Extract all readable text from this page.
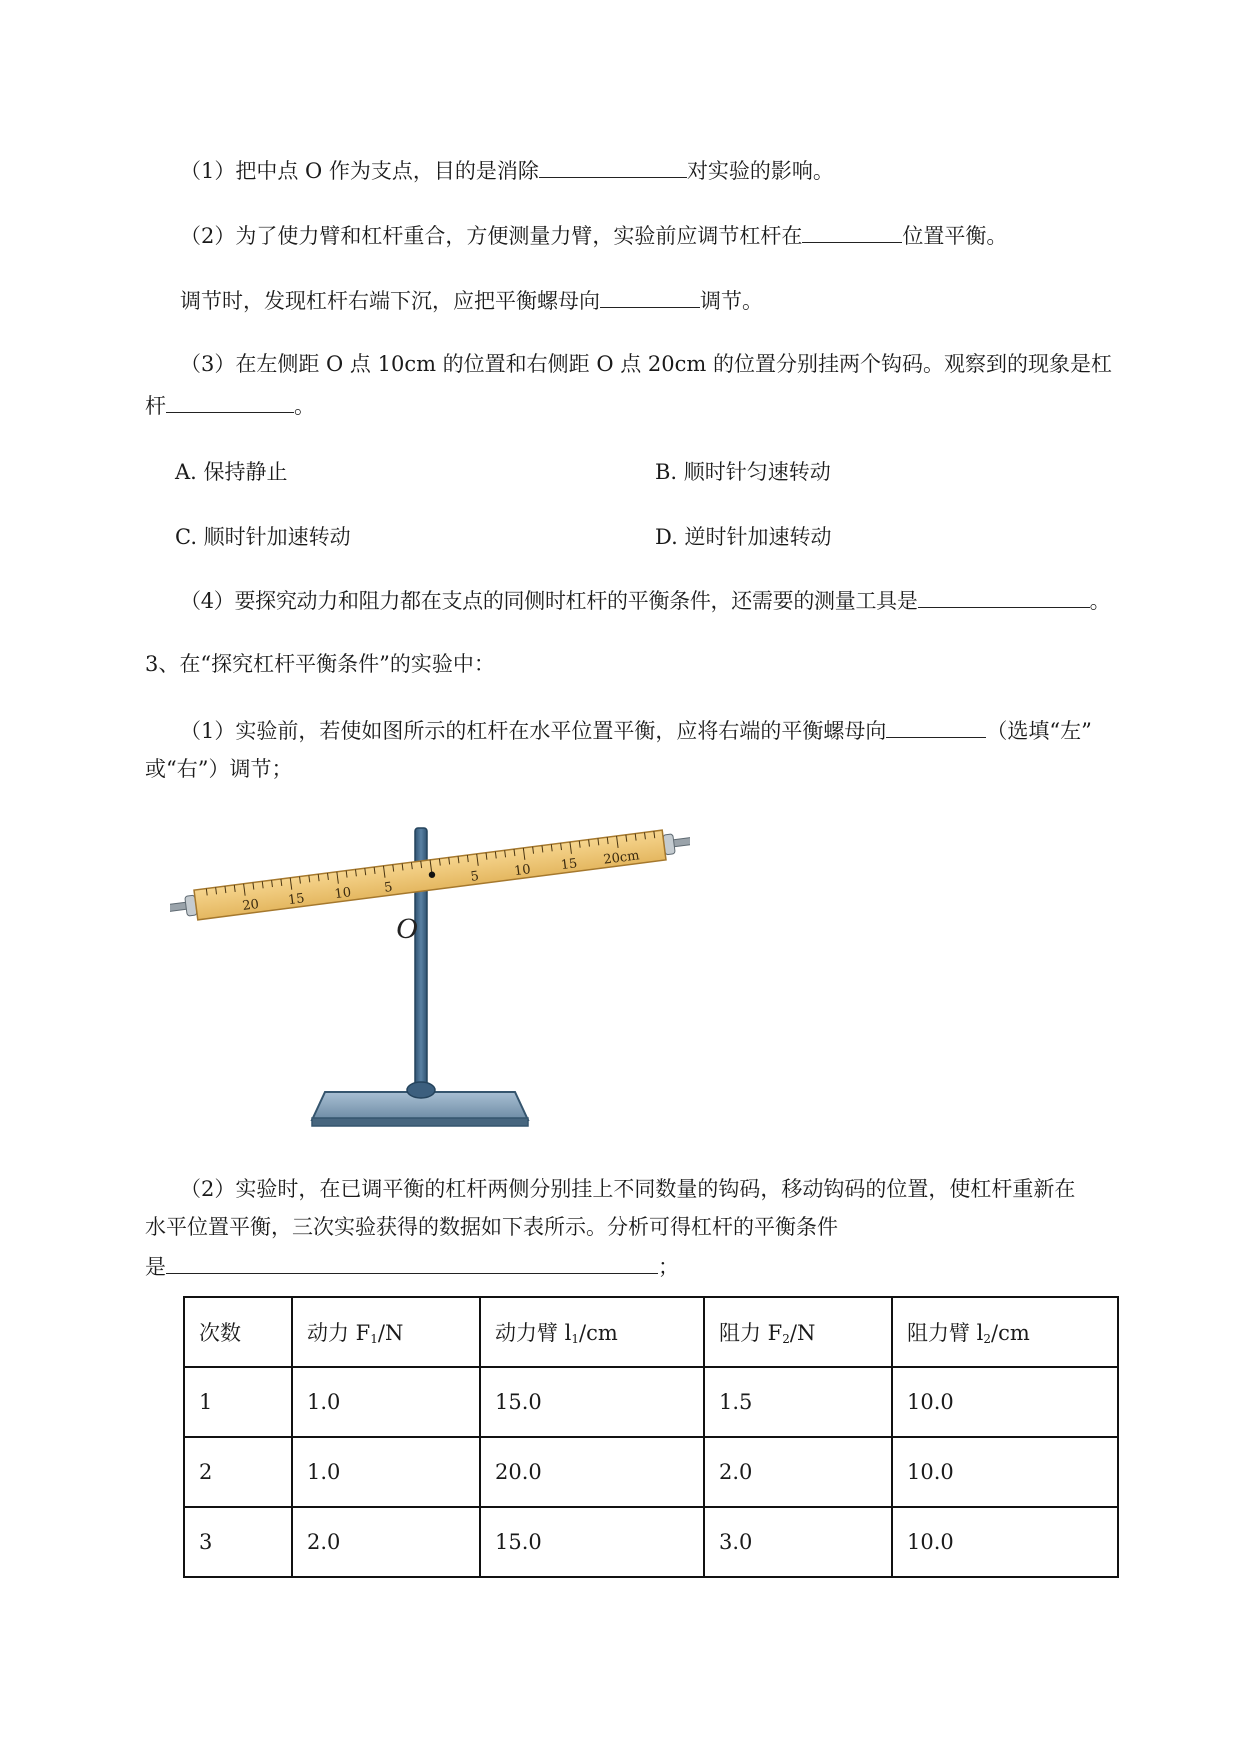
（1）把中点 O 作为支点，目的是消除	对实验的影响。
（2）为了使力臂和杠杆重合，方便测量力臂，实验前应调节杠杆在	位置平衡。
调节时，发现杠杆右端下沉，应把平衡螺母向	调节。
（3）在左侧距 O 点 10cm 的位置和右侧距 O 点 20cm 的位置分别挂两个钩码。观察到的现象是杠
杆	。
A. 保持静止	B. 顺时针匀速转动
C. 顺时针加速转动	D. 逆时针加速转动
（4）要探究动力和阻力都在支点的同侧时杠杆的平衡条件，还需要的测量工具是	。
3、在“探究杠杆平衡条件”的实验中：
（1）实验前，若使如图所示的杠杆在水平位置平衡，应将右端的平衡螺母向	（选填“左”
或“右”）调节；
20 15 10 5
5	10 15 20cm
O
（2）实验时，在已调平衡的杠杆两侧分别挂上不同数量的钩码，移动钩码的位置，使杠杆重新在
水平位置平衡，三次实验获得的数据如下表所示。分析可得杠杆的平衡条件
是	；
次数	动力 $F_1/N$	动力臂 $l_1/cm$	阻力 $F_2/N$	阻力臂 $l_2/cm$
1	1.0	15.0	1.5	10.0
2	1.0	20.0	2.0	10.0
3	2.0	15.0	3.0	10.0
